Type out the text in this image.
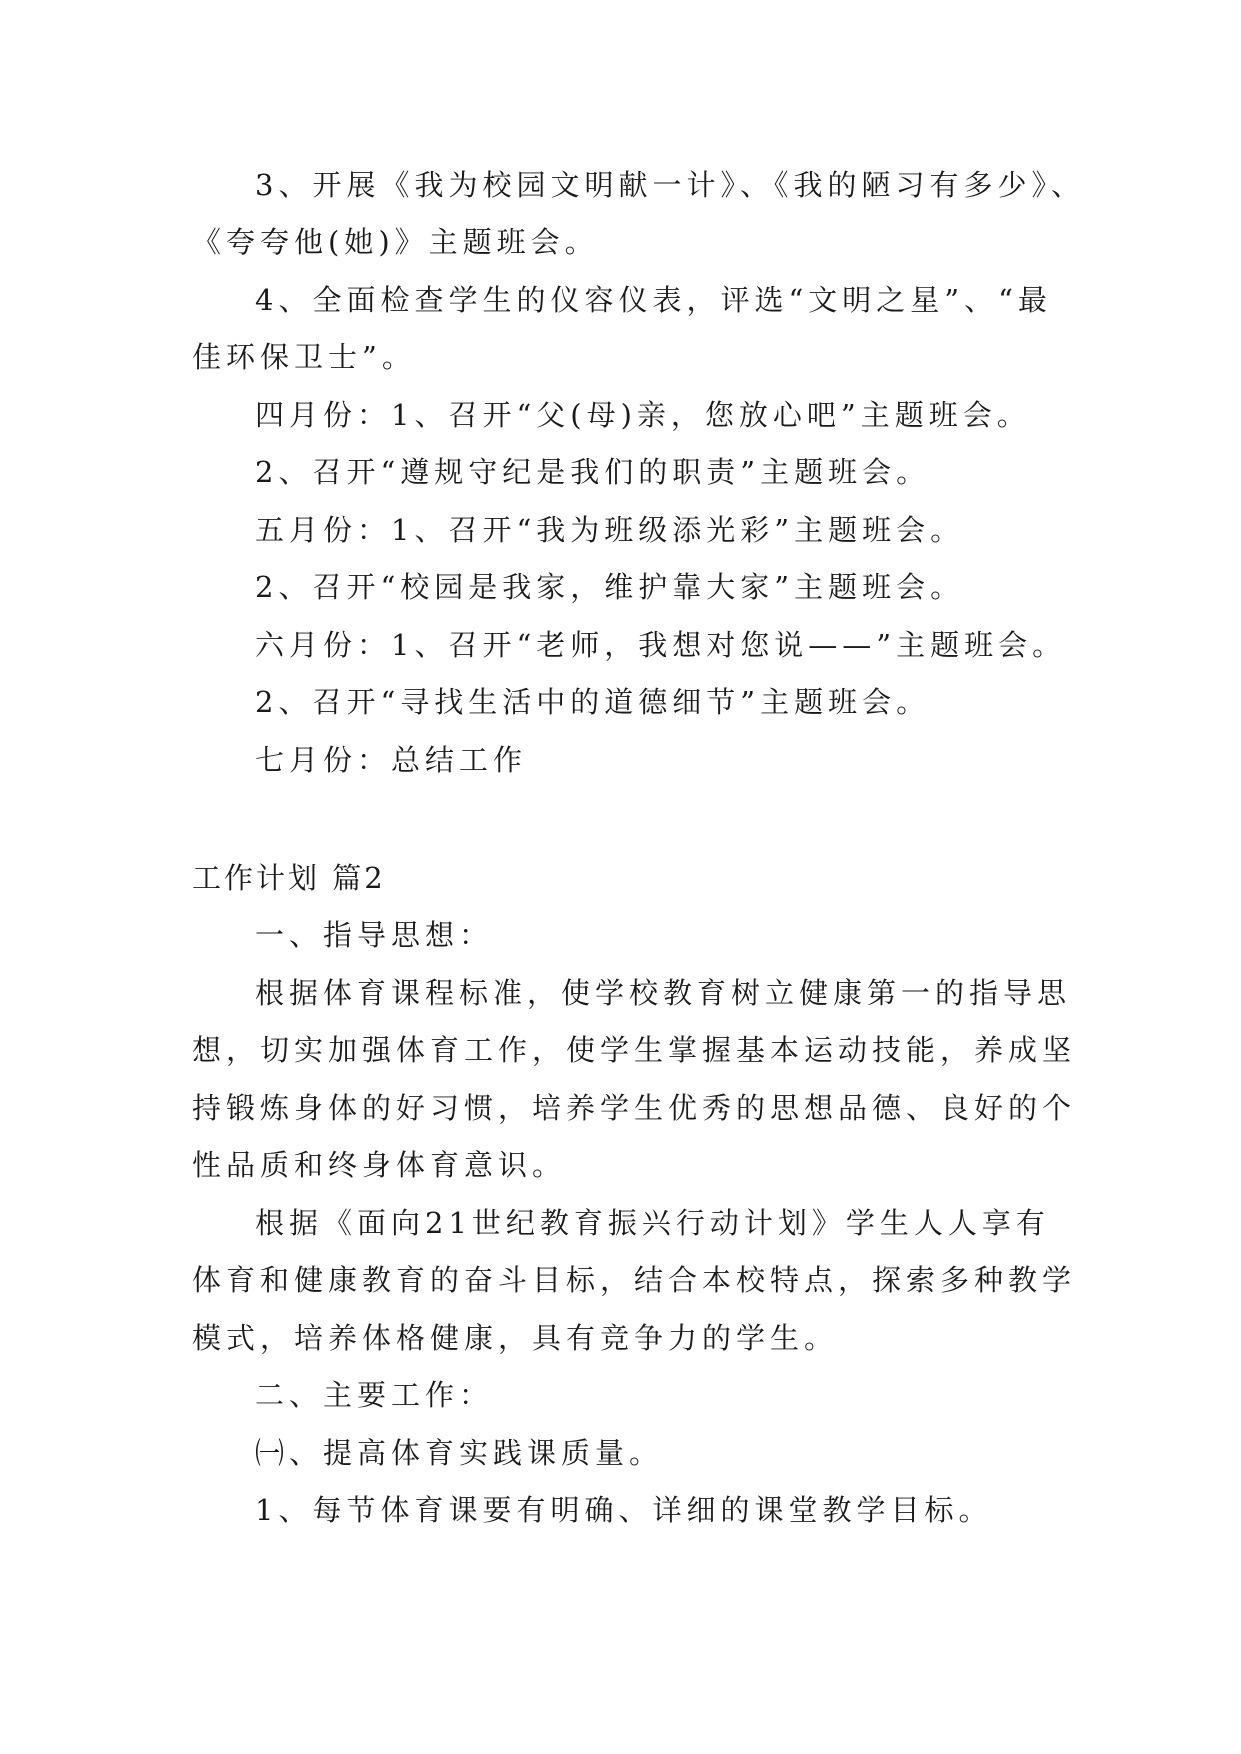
3、开展《我为校园文明献一计》、《我的陋习有多少》、
《夸夸他(她)》主题班会。
4、全面检查学生的仪容仪表，评选“文明之星”、“最
佳环保卫士”。
四月份：1、召开“父(母)亲，您放心吧”主题班会。
2、召开“遵规守纪是我们的职责”主题班会。
五月份：1、召开“我为班级添光彩”主题班会。
2、召开“校园是我家，维护靠大家”主题班会。
六月份：1、召开“老师，我想对您说——”主题班会。
2、召开“寻找生活中的道德细节”主题班会。
七月份：总结工作
工作计划 篇2
一、指导思想：
根据体育课程标准，使学校教育树立健康第一的指导思
想，切实加强体育工作，使学生掌握基本运动技能，养成坚
持锻炼身体的好习惯，培养学生优秀的思想品德、良好的个
性品质和终身体育意识。
根据《面向21世纪教育振兴行动计划》学生人人享有
体育和健康教育的奋斗目标，结合本校特点，探索多种教学
模式，培养体格健康，具有竞争力的学生。
二、主要工作：
㈠、提高体育实践课质量。
1、每节体育课要有明确、详细的课堂教学目标。
